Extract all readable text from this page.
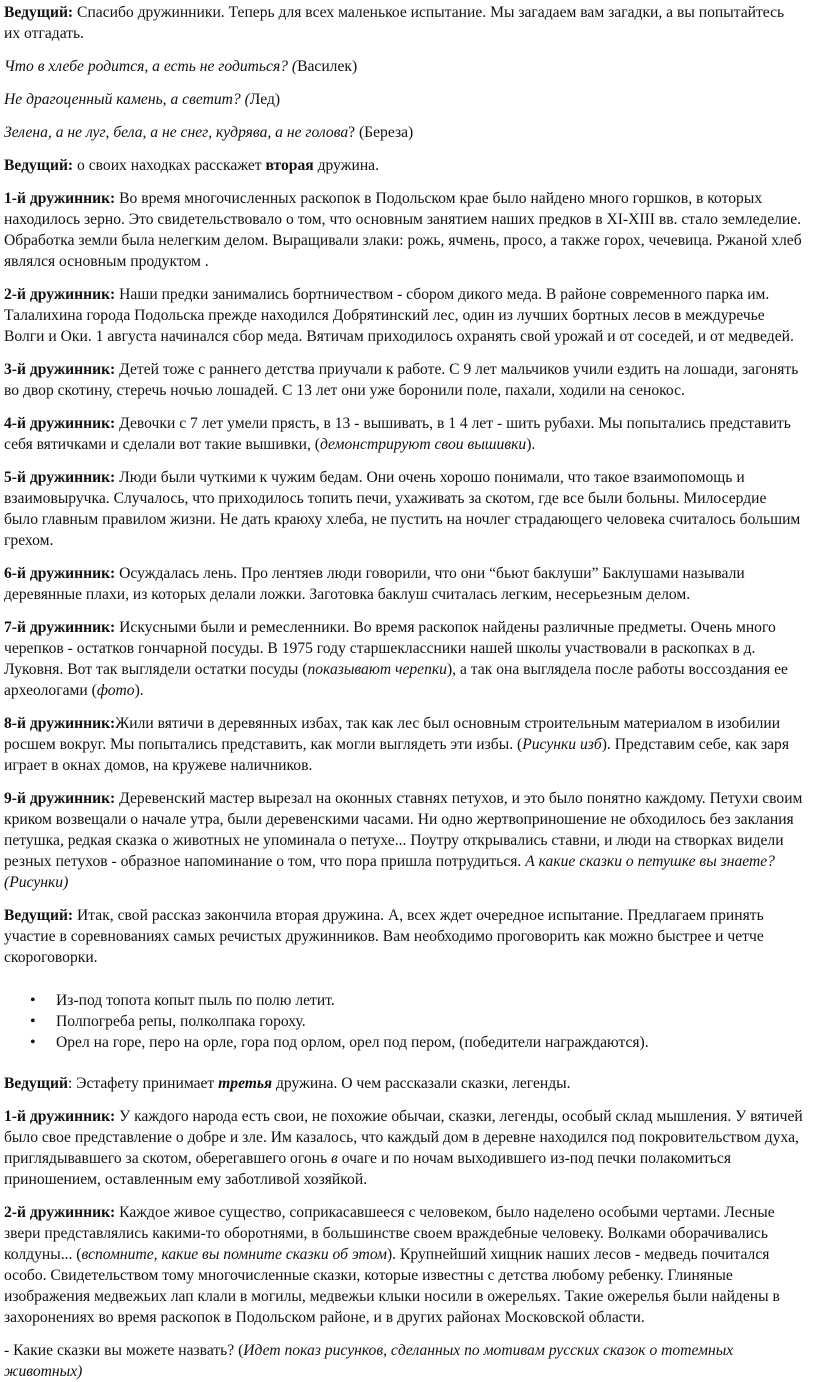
Ведущий: Спасибо дружинники. Теперь для всех маленькое испытание. Мы загадаем вам загадки, а вы попытайтесь их отгадать.

Что в хлебе родится, а есть не годиться? (Василек)

Не драгоценный камень, а светит? (Лед)

Зелена, а не луг, бела, а не снег, кудрява, а не голова? (Береза)

Ведущий: о своих находках расскажет вторая дружина.

1-й дружинник: Во время многочисленных раскопок в Подольском крае было найдено много горшков, в которых находилось зерно. Это свидетельствовало о том, что основным занятием наших предков в XI-XIII вв. стало земледелие. Обработка земли была нелегким делом. Выращивали злаки: рожь, ячмень, просо, а также горох, чечевица. Ржаной хлеб являлся основным продуктом .

2-й дружинник: Наши предки занимались бортничеством - сбором дикого меда. В районе современного парка им. Талалихина города Подольска прежде находился Добрятинский лес, один из лучших бортных лесов в междуречье Волги и Оки. 1 августа начинался сбор меда. Вятичам приходилось охранять свой урожай и от соседей, и от медведей.

3-й дружинник: Детей тоже с раннего детства приучали к работе. С 9 лет мальчиков учили ездить на лошади, загонять во двор скотину, стеречь ночью лошадей. С 13 лет они уже боронили поле, пахали, ходили на сенокос.

4-й дружинник: Девочки с 7 лет умели прясть, в 13 - вышивать, в 1 4 лет - шить рубахи. Мы попытались представить себя вятичками и сделали вот такие вышивки, (демонстрируют свои вышивки).

5-й дружинник: Люди были чуткими к чужим бедам. Они очень хорошо понимали, что такое взаимопомощь и взаимовыручка. Случалось, что приходилось топить печи, ухаживать за скотом, где все были больны. Милосердие было главным правилом жизни. Не дать краюху хлеба, не пустить на ночлег страдающего человека считалось большим грехом.

6-й дружинник: Осуждалась лень. Про лентяев люди говорили, что они “бьют баклуши” Баклушами называли деревянные плахи, из которых делали ложки. Заготовка баклуш считалась легким, несерьезным делом.

7-й дружинник: Искусными были и ремесленники. Во время раскопок найдены различные предметы. Очень много черепков - остатков гончарной посуды. В 1975 году старшеклассники нашей школы участвовали в раскопках в д. Луковня. Вот так выглядели остатки посуды (показывают черепки), а так она выглядела после работы воссоздания ее археологами (фото).

8-й дружинник:Жили вятичи в деревянных избах, так как лес был основным строительным материалом в изобилии росшем вокруг. Мы попытались представить, как могли выглядеть эти избы. (Рисунки изб). Представим себе, как заря играет в окнах домов, на кружеве наличников.

9-й дружинник: Деревенский мастер вырезал на оконных ставнях петухов, и это было понятно каждому. Петухи своим криком возвещали о начале утра, были деревенскими часами. Ни одно жертвоприношение не обходилось без заклания петушка, редкая сказка о животных не упоминала о петухе... Поутру открывались ставни, и люди на створках видели резных петухов - образное напоминание о том, что пора пришла потрудиться. А какие сказки о петушке вы знаете? (Рисунки)

Ведущий: Итак, свой рассказ закончила вторая дружина. А, всех ждет очередное испытание. Предлагаем принять участие в соревнованиях самых речистых дружинников. Вам необходимо проговорить как можно быстрее и четче скороговорки.

• Из-под топота копыт пыль по полю летит.
• Полпогреба репы, полколпака гороху.
• Орел на горе, перо на орле, гора под орлом, орел под пером, (победители награждаются).

Ведущий: Эстафету принимает третья дружина. О чем рассказали сказки, легенды.

1-й дружинник: У каждого народа есть свои, не похожие обычаи, сказки, легенды, особый склад мышления. У вятичей было свое представление о добре и зле. Им казалось, что каждый дом в деревне находился под покровительством духа, приглядывавшего за скотом, оберегавшего огонь в очаге и по ночам выходившего из-под печки полакомиться приношением, оставленным ему заботливой хозяйкой.

2-й дружинник: Каждое живое существо, соприкасавшееся с человеком, было наделено особыми чертами. Лесные звери представлялись какими-то оборотнями, в большинстве своем враждебные человеку. Волками оборачивались колдуны... (вспомните, какие вы помните сказки об этом). Крупнейший хищник наших лесов - медведь почитался особо. Свидетельством тому многочисленные сказки, которые известны с детства любому ребенку. Глиняные изображения медвежьих лап клали в могилы, медвежьи клыки носили в ожерельях. Такие ожерелья были найдены в захоронениях во время раскопок в Подольском районе, и в других районах Московской области.

- Какие сказки вы можете назвать? (Идет показ рисунков, сделанных по мотивам русских сказок о тотемных животных)
